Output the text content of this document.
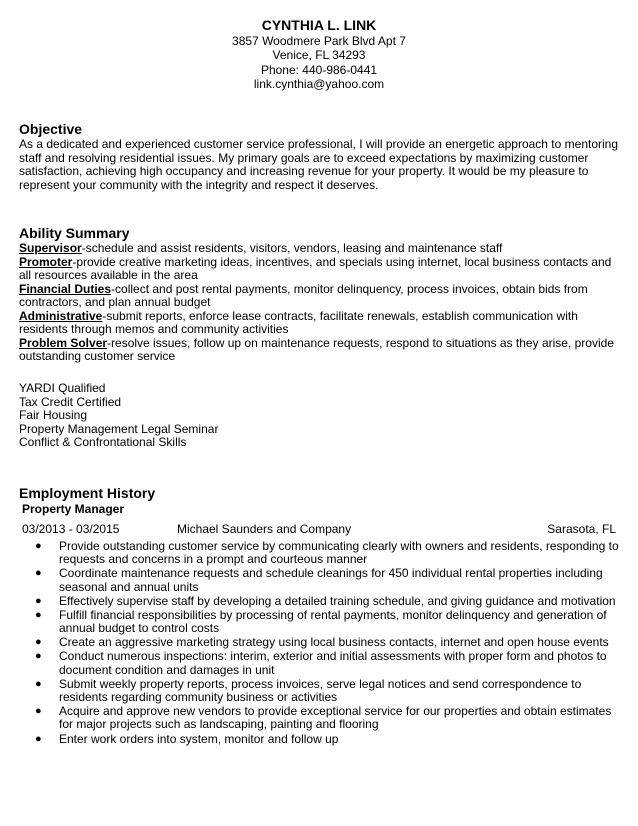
CYNTHIA L. LINK
3857 Woodmere Park Blvd Apt 7
Venice, FL 34293
Phone: 440-986-0441
link.cynthia@yahoo.com
Objective
As a dedicated and experienced customer service professional, I will provide an energetic approach to mentoring staff and resolving residential issues. My primary goals are to exceed expectations by maximizing customer satisfaction, achieving high occupancy and increasing revenue for your property. It would be my pleasure to represent your community with the integrity and respect it deserves.
Ability Summary

Supervisor-schedule and assist residents, visitors, vendors, leasing and maintenance staff

Promoter-provide creative marketing ideas, incentives, and specials using internet, local business contacts and all resources available in the area

Financial Duties-collect and post rental payments, monitor delinquency, process invoices, obtain bids from contractors, and plan annual budget

Administrative-submit reports, enforce lease contracts, facilitate renewals, establish communication with residents through memos and community activities

Problem Solver-resolve issues, follow up on maintenance requests, respond to situations as they arise, provide outstanding customer service

YARDI Qualified
Tax Credit Certified
Fair Housing
Property Management Legal Seminar
Conflict & Confrontational Skills
Employment History
Property Manager
03/2013 - 03/2015	Michael Saunders and Company	Sarasota, FL
● Provide outstanding customer service by communicating clearly with owners and residents, responding to requests and concerns in a prompt and courteous manner
● Coordinate maintenance requests and schedule cleanings for 450 individual rental properties including seasonal and annual units
● Effectively supervise staff by developing a detailed training schedule, and giving guidance and motivation
● Fulfill financial responsibilities by processing of rental payments, monitor delinquency and generation of annual budget to control costs
● Create an aggressive marketing strategy using local business contacts, internet and open house events
● Conduct numerous inspections: interim, exterior and initial assessments with proper form and photos to document condition and damages in unit
● Submit weekly property reports, process invoices, serve legal notices and send correspondence to residents regarding community business or activities
● Acquire and approve new vendors to provide exceptional service for our properties and obtain estimates for major projects such as landscaping, painting and flooring
● Enter work orders into system, monitor and follow up
